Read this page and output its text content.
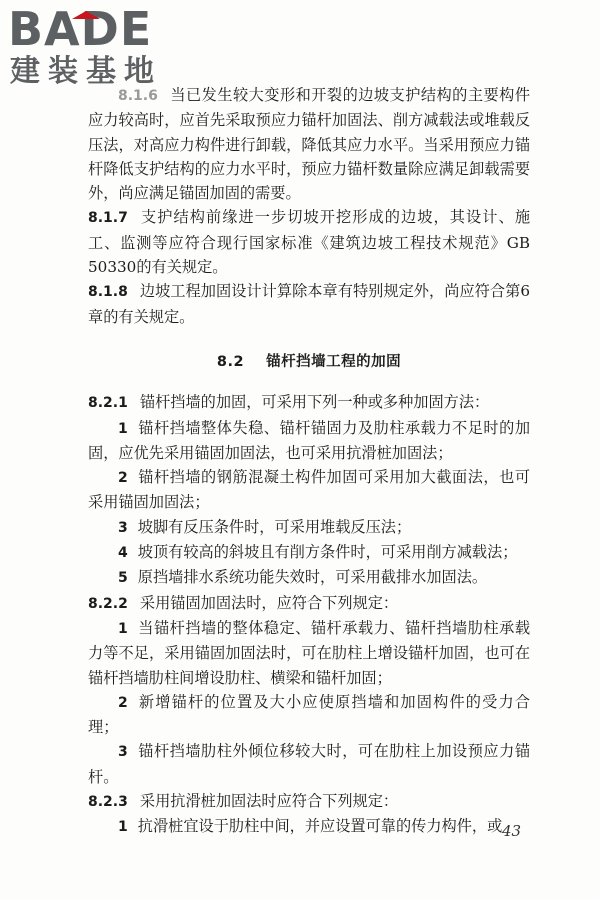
BADE
建装基地

8.1.6 当已发生较大变形和开裂的边坡支护结构的主要构件应力较高时，应首先采取预应力锚杆加固法、削方减载法或堆载反压法，对高应力构件进行卸载，降低其应力水平。当采用预应力锚杆降低支护结构的应力水平时，预应力锚杆数量除应满足卸载需要外，尚应满足锚固加固的需要。

8.1.7 支护结构前缘进一步切坡开挖形成的边坡，其设计、施工、监测等应符合现行国家标准《建筑边坡工程技术规范》GB 50330的有关规定。

8.1.8 边坡工程加固设计计算除本章有特别规定外，尚应符合第6章的有关规定。

8.2 锚杆挡墙工程的加固

8.2.1 锚杆挡墙的加固，可采用下列一种或多种加固方法：

1 锚杆挡墙整体失稳、锚杆锚固力及肋柱承载力不足时的加固，应优先采用锚固加固法，也可采用抗滑桩加固法；

2 锚杆挡墙的钢筋混凝土构件加固可采用加大截面法，也可采用锚固加固法；

3 坡脚有反压条件时，可采用堆载反压法；

4 坡顶有较高的斜坡且有削方条件时，可采用削方减载法；

5 原挡墙排水系统功能失效时，可采用截排水加固法。

8.2.2 采用锚固加固法时，应符合下列规定：

1 当锚杆挡墙的整体稳定、锚杆承载力、锚杆挡墙肋柱承载力等不足，采用锚固加固法时，可在肋柱上增设锚杆加固，也可在锚杆挡墙肋柱间增设肋柱、横梁和锚杆加固；

2 新增锚杆的位置及大小应使原挡墙和加固构件的受力合理；

3 锚杆挡墙肋柱外倾位移较大时，可在肋柱上加设预应力锚杆。

8.2.3 采用抗滑桩加固法时应符合下列规定：

1 抗滑桩宜设于肋柱中间，并应设置可靠的传力构件，或 43
